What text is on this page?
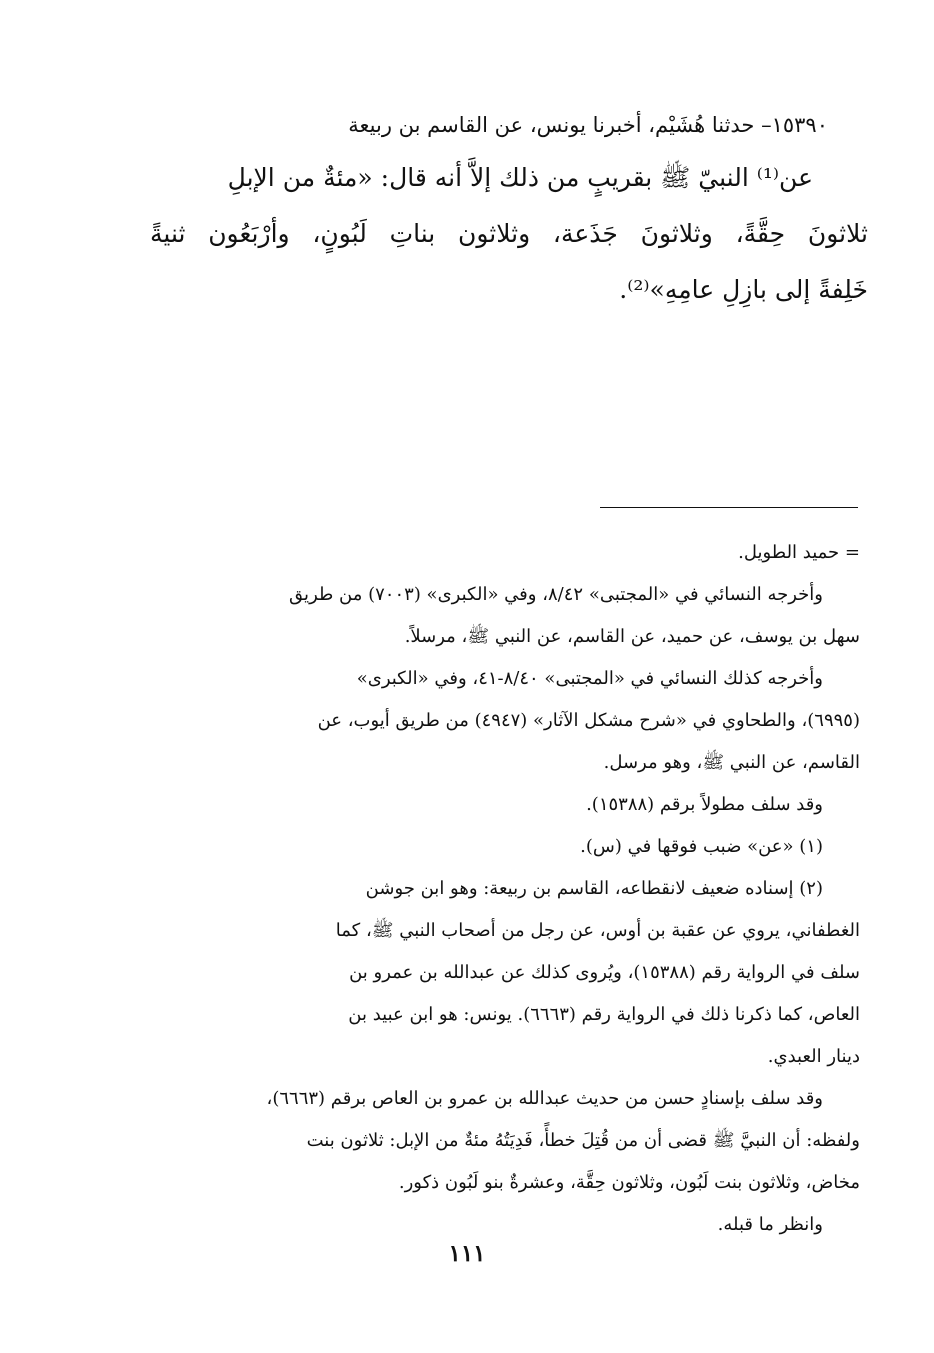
١٥٣٩٠– حدثنا هُشَيْم، أخبرنا يونس، عن القاسم بن ربيعة
عن⁽¹⁾ النبيّ ﷺ بقريبٍ من ذلك إلاَّ أنه قال: «مئةٌ من الإبلِ
ثلاثونَ حِقَّةً، وثلاثونَ جَذَعة، وثلاثون بناتِ لَبُونٍ، وأرْبَعُون ثنيةً
خَلِفةً إلى بازِلِ عامِهِ»⁽²⁾.
= حميد الطويل.
وأخرجه النسائي في «المجتبى» ٨/٤٢، وفي «الكبرى» (٧٠٠٣) من طريق
سهل بن يوسف، عن حميد، عن القاسم، عن النبي ﷺ، مرسلاً.
وأخرجه كذلك النسائي في «المجتبى» ٨/٤٠-٤١، وفي «الكبرى»
(٦٩٩٥)، والطحاوي في «شرح مشكل الآثار» (٤٩٤٧) من طريق أيوب، عن
القاسم، عن النبي ﷺ، وهو مرسل.
وقد سلف مطولاً برقم (١٥٣٨٨).
(١) «عن» ضبب فوقها في (س).
(٢) إسناده ضعيف لانقطاعه، القاسم بن ربيعة: وهو ابن جوشن
الغطفاني، يروي عن عقبة بن أوس، عن رجل من أصحاب النبي ﷺ، كما
سلف في الرواية رقم (١٥٣٨٨)، ويُروى كذلك عن عبدالله بن عمرو بن
العاص، كما ذكرنا ذلك في الرواية رقم (٦٦٦٣). يونس: هو ابن عبيد بن
دينار العبدي.
وقد سلف بإسنادٍ حسن من حديث عبدالله بن عمرو بن العاص برقم (٦٦٦٣)،
ولفظه: أن النبيَّ ﷺ قضى أن من قُتِلَ خطأً، فَدِيَتُهُ مئةٌ من الإبل: ثلاثون بنت
مخاض، وثلاثون بنت لَبُون، وثلاثون حِقَّة، وعشرةٌ بنو لَبُون ذكور.
وانظر ما قبله.
١١١
